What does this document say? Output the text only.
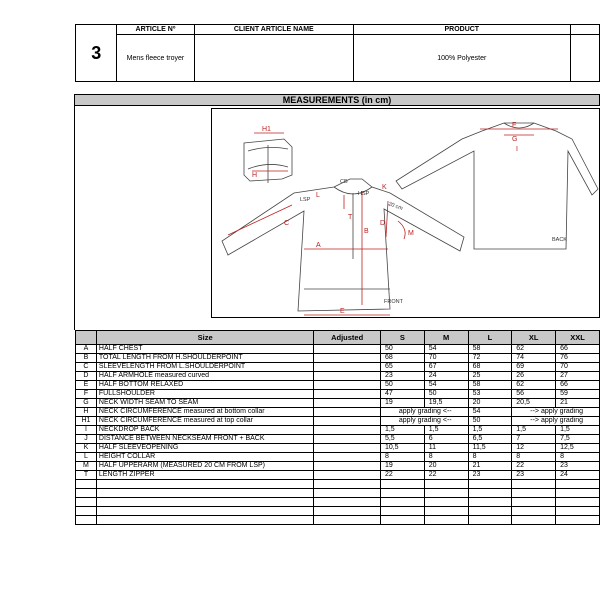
3	ARTICLE Nº	CLIENT ARTICLE NAME	PRODUCT	
	Mens fleece troyer		100% Polyester	
MEASUREMENTS (in cm)
H1
H
C
A
B
D
M
T
E
L
K
F
G
I
CB
HSP
LSP
20 cm
FRONT
BACK
	Size	Adjusted	S	M	L	XL	XXL
A	HALF CHEST		50	54	58	62	66
B	TOTAL LENGTH FROM H.SHOULDERPOINT		68	70	72	74	76
C	SLEEVELENGTH FROM L.SHOULDERPOINT		65	67	68	69	70
D	HALF ARMHOLE measured curved		23	24	25	26	27
E	HALF BOTTOM RELAXED		50	54	58	62	66
F	FULLSHOULDER		47	50	53	56	59
G	NECK WIDTH SEAM TO SEAM		19	19,5	20	20,5	21
H	NECK CIRCUMFERENCE measured at bottom collar		apply grading <--		54	--> apply grading	
H1	NECK CIRCUMFERENCE measured at top collar		apply grading <--		50	--> apply grading	
I	NECKDROP BACK		1,5	1,5	1,5	1,5	1,5
J	DISTANCE BETWEEN NECKSEAM FRONT + BACK		5,5	6	6,5	7	7,5
K	HALF SLEEVEOPENING		10,5	11	11,5	12	12,5
L	HEIGHT COLLAR		8	8	8	8	8
M	HALF UPPERARM (MEASURED 20 CM FROM LSP)		19	20	21	22	23
T	LENGTH ZIPPER		22	22	23	23	24
